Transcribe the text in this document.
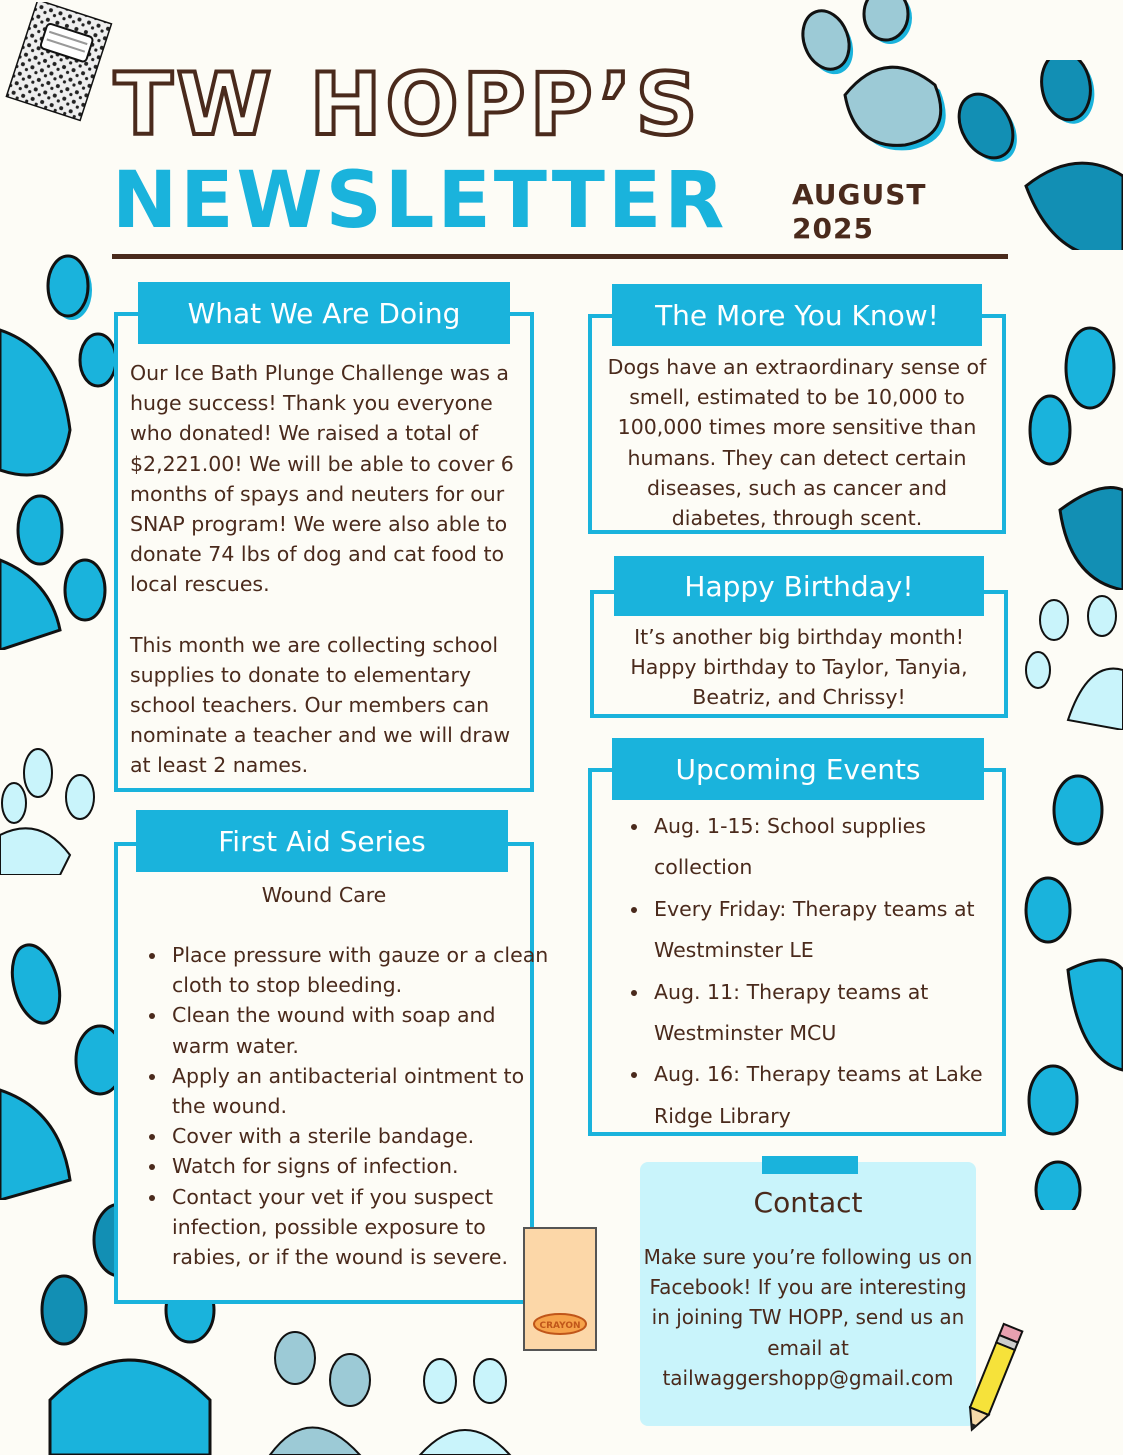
TW HOPP’S
NEWSLETTER AUGUST
2025

Our Ice Bath Plunge Challenge was a huge success! Thank you everyone who donated! We raised a total of $2,221.00! We will be able to cover 6 months of spays and neuters for our SNAP program! We were also able to donate 74 lbs of dog and cat food to local rescues.

This month we are collecting school supplies to donate to elementary school teachers. Our members can nominate a teacher and we will draw at least 2 names.

What We Are Doing
Wound Care
• Place pressure with gauze or a clean cloth to stop bleeding.
• Clean the wound with soap and warm water.
• Apply an antibacterial ointment to the wound.
• Cover with a sterile bandage.
• Watch for signs of infection.
• Contact your vet if you suspect infection, possible exposure to rabies, or if the wound is severe.
First Aid Series
CRAYON
Dogs have an extraordinary sense of smell, estimated to be 10,000 to 100,000 times more sensitive than humans. They can detect certain diseases, such as cancer and diabetes, through scent.
The More You Know!
It’s another big birthday month! Happy birthday to Taylor, Tanyia, Beatriz, and Chrissy!
Happy Birthday!
• Aug. 1-15: School supplies collection
• Every Friday: Therapy teams at Westminster LE
• Aug. 11: Therapy teams at Westminster MCU
• Aug. 16: Therapy teams at Lake Ridge Library
Upcoming Events
Contact
Make sure you’re following us on Facebook! If you are interesting in joining TW HOPP, send us an email at tailwaggershopp@gmail.com
